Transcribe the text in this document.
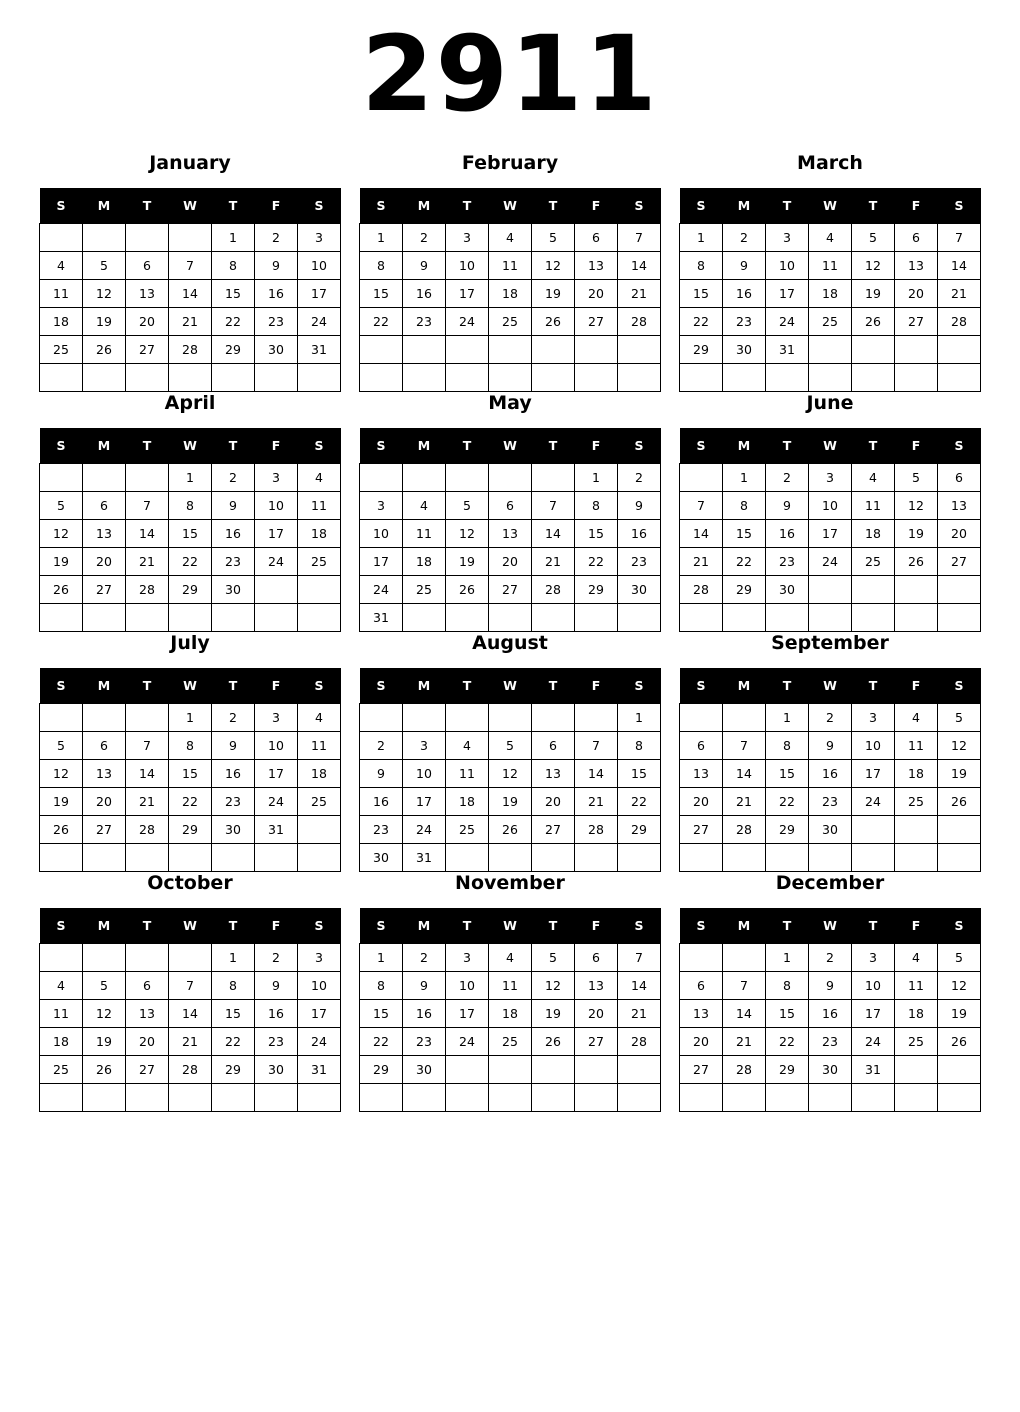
2911
January
S	M	T	W	T	F	S
				1	2	3
4	5	6	7	8	9	10
11	12	13	14	15	16	17
18	19	20	21	22	23	24
25	26	27	28	29	30	31

February
S	M	T	W	T	F	S
1	2	3	4	5	6	7
8	9	10	11	12	13	14
15	16	17	18	19	20	21
22	23	24	25	26	27	28

March
S	M	T	W	T	F	S
1	2	3	4	5	6	7
8	9	10	11	12	13	14
15	16	17	18	19	20	21
22	23	24	25	26	27	28
29	30	31				

April
S	M	T	W	T	F	S
			1	2	3	4
5	6	7	8	9	10	11
12	13	14	15	16	17	18
19	20	21	22	23	24	25
26	27	28	29	30		

May
S	M	T	W	T	F	S
					1	2
3	4	5	6	7	8	9
10	11	12	13	14	15	16
17	18	19	20	21	22	23
24	25	26	27	28	29	30
31						
June
S	M	T	W	T	F	S
	1	2	3	4	5	6
7	8	9	10	11	12	13
14	15	16	17	18	19	20
21	22	23	24	25	26	27
28	29	30				

July
S	M	T	W	T	F	S
			1	2	3	4
5	6	7	8	9	10	11
12	13	14	15	16	17	18
19	20	21	22	23	24	25
26	27	28	29	30	31	

August
S	M	T	W	T	F	S
						1
2	3	4	5	6	7	8
9	10	11	12	13	14	15
16	17	18	19	20	21	22
23	24	25	26	27	28	29
30	31					
September
S	M	T	W	T	F	S
		1	2	3	4	5
6	7	8	9	10	11	12
13	14	15	16	17	18	19
20	21	22	23	24	25	26
27	28	29	30			

October
S	M	T	W	T	F	S
				1	2	3
4	5	6	7	8	9	10
11	12	13	14	15	16	17
18	19	20	21	22	23	24
25	26	27	28	29	30	31

November
S	M	T	W	T	F	S
1	2	3	4	5	6	7
8	9	10	11	12	13	14
15	16	17	18	19	20	21
22	23	24	25	26	27	28
29	30					

December
S	M	T	W	T	F	S
		1	2	3	4	5
6	7	8	9	10	11	12
13	14	15	16	17	18	19
20	21	22	23	24	25	26
27	28	29	30	31		
